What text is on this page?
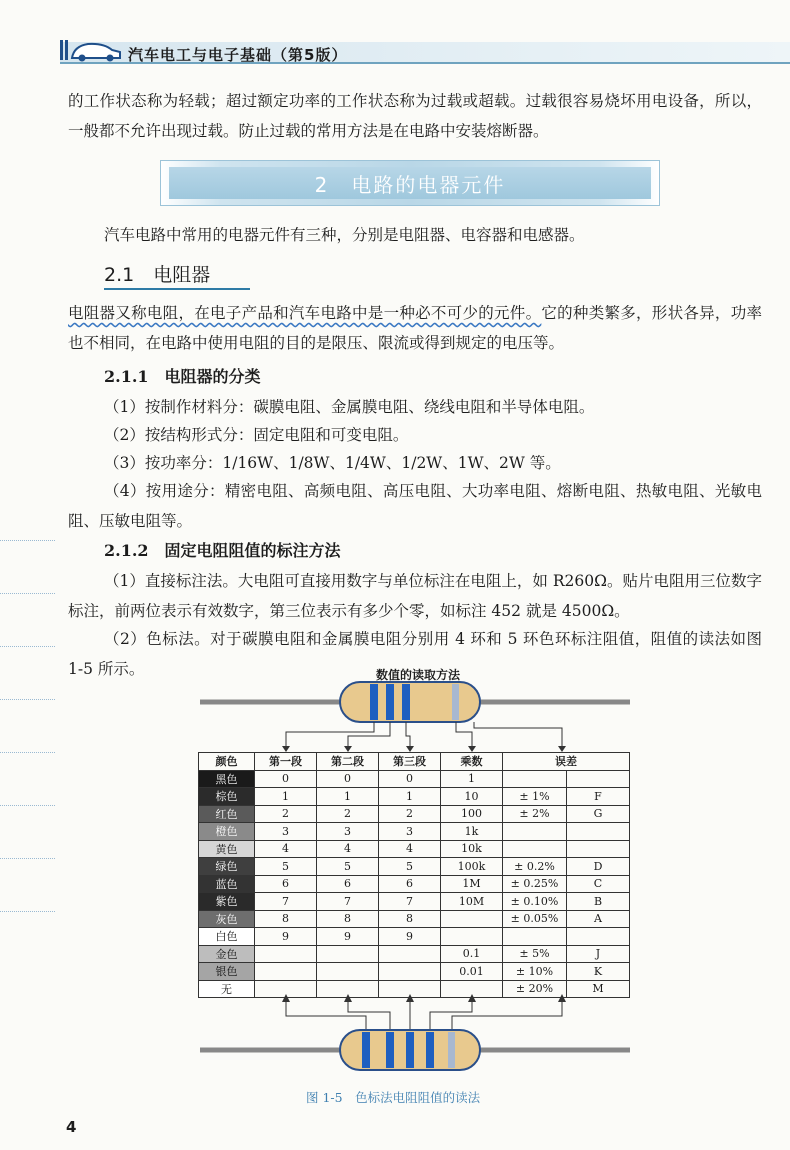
汽车电工与电子基础（第5版）
的工作状态称为轻载；超过额定功率的工作状态称为过载或超载。过载很容易烧坏用电设备，所以，一般都不允许出现过载。防止过载的常用方法是在电路中安装熔断器。
2　电路的电器元件
汽车电路中常用的电器元件有三种，分别是电阻器、电容器和电感器。
2.1　电阻器
电阻器又称电阻，在电子产品和汽车电路中是一种必不可少的元件。它的种类繁多，形状各异，功率也不相同，在电路中使用电阻的目的是限压、限流或得到规定的电压等。
2.1.1　电阻器的分类
（1）按制作材料分：碳膜电阻、金属膜电阻、绕线电阻和半导体电阻。
（2）按结构形式分：固定电阻和可变电阻。
（3）按功率分：1/16W、1/8W、1/4W、1/2W、1W、2W 等。
（4）按用途分：精密电阻、高频电阻、高压电阻、大功率电阻、熔断电阻、热敏电阻、光敏电阻、压敏电阻等。
2.1.2　固定电阻阻值的标注方法
（1）直接标注法。大电阻可直接用数字与单位标注在电阻上，如 R260Ω。贴片电阻用三位数字标注，前两位表示有效数字，第三位表示有多少个零，如标注 452 就是 4500Ω。
（2）色标法。对于碳膜电阻和金属膜电阻分别用 4 环和 5 环色环标注阻值，阻值的读法如图 1-5 所示。	数值的读取方法
颜色	第一段	第二段	第三段	乘数	误差	
黑色	0	0	0	1		
棕色	1	1	1	10	± 1%	F
红色	2	2	2	100	± 2%	G
橙色	3	3	3	1k		
黄色	4	4	4	10k		
绿色	5	5	5	100k	± 0.2%	D
蓝色	6	6	6	1M	± 0.25%	C
紫色	7	7	7	10M	± 0.10%	B
灰色	8	8	8		± 0.05%	A
白色	9	9	9			
金色				0.1	± 5%	J
银色				0.01	± 10%	K
无					± 20%	M
图 1-5　色标法电阻阻值的读法
4
